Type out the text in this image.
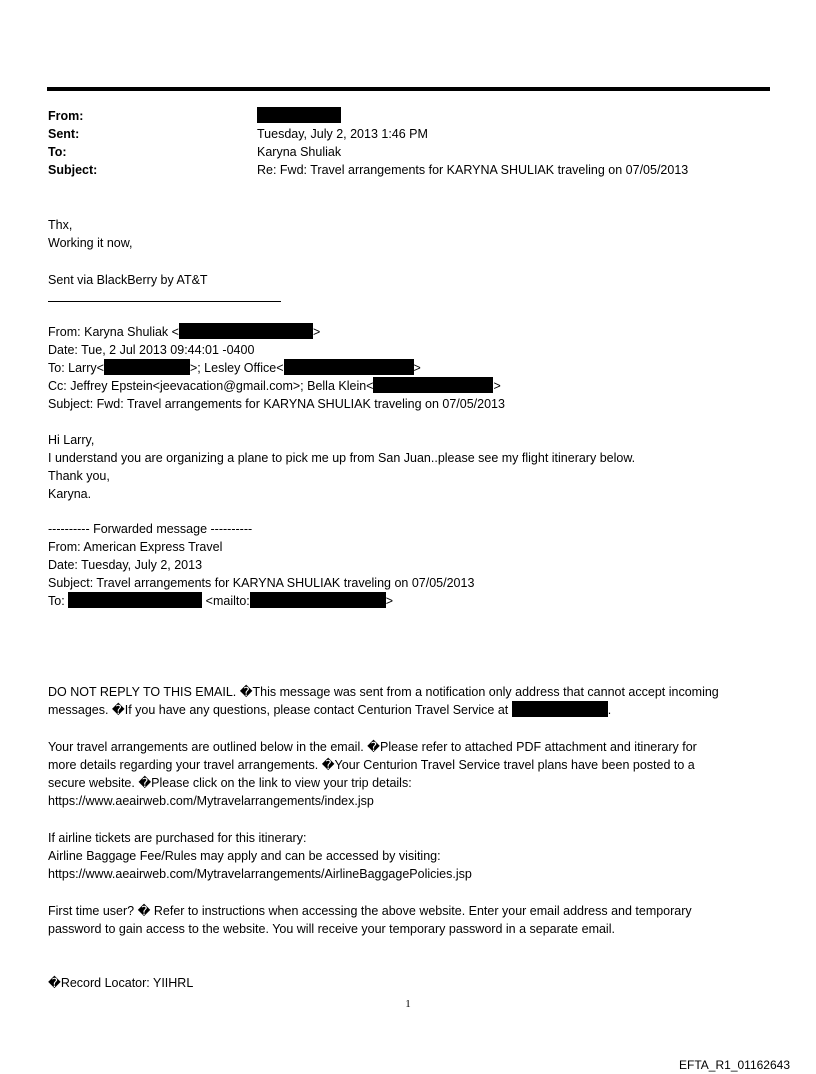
From:
Sent:	Tuesday, July 2, 2013 1:46 PM
To:	Karyna Shuliak
Subject:	Re: Fwd: Travel arrangements for KARYNA SHULIAK traveling on 07/05/2013
Thx,
Working it now,
Sent via BlackBerry by AT&T
From: Karyna Shuliak <	>
Date: Tue, 2 Jul 2013 09:44:01 -0400
To: Larry<	>; Lesley Office<	>
Cc: Jeffrey Epstein<jeevacation@gmail.com>; Bella Klein<	>
Subject: Fwd: Travel arrangements for KARYNA SHULIAK traveling on 07/05/2013
Hi Larry,
I understand you are organizing a plane to pick me up from San Juan..please see my flight itinerary below.
Thank you,
Karyna.
---------- Forwarded message ----------
From: American Express Travel
Date: Tuesday, July 2, 2013
Subject: Travel arrangements for KARYNA SHULIAK traveling on 07/05/2013
To:	<mailto:	>
DO NOT REPLY TO THIS EMAIL. �This message was sent from a notification only address that cannot accept incoming
messages. �If you have any questions, please contact Centurion Travel Service at	.
Your travel arrangements are outlined below in the email. �Please refer to attached PDF attachment and itinerary for
more details regarding your travel arrangements. �Your Centurion Travel Service travel plans have been posted to a
secure website. �Please click on the link to view your trip details:
https://www.aeairweb.com/Mytravelarrangements/index.jsp
If airline tickets are purchased for this itinerary:
Airline Baggage Fee/Rules may apply and can be accessed by visiting:
https://www.aeairweb.com/Mytravelarrangements/AirlineBaggagePolicies.jsp
First time user? � Refer to instructions when accessing the above website. Enter your email address and temporary
password to gain access to the website. You will receive your temporary password in a separate email.
�Record Locator: YIIHRL
1
EFTA_R1_01162643
